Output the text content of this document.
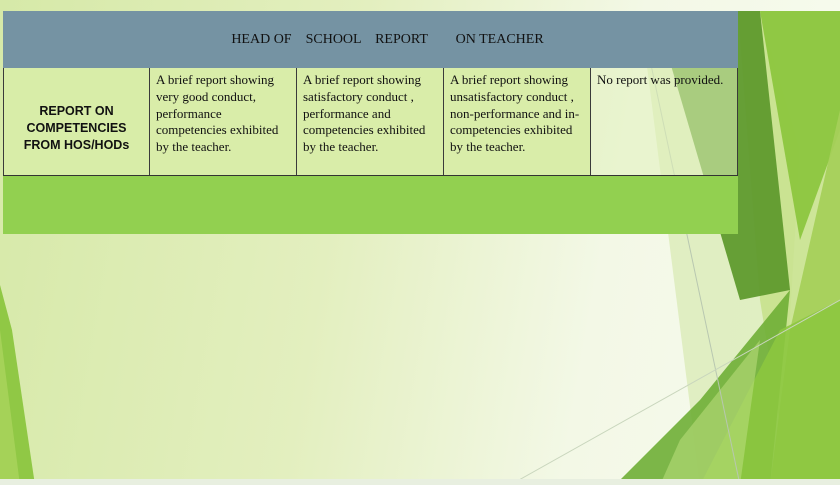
HEAD OF    SCHOOL    REPORT        ON TEACHER
REPORT ON COMPETENCIES FROM HOS/HODs
A brief report showing very good conduct, performance competencies exhibited by the teacher.
A brief report showing satisfactory conduct , performance and competencies exhibited by the teacher.
A brief report showing unsatisfactory conduct , non-performance and in-competencies exhibited by the teacher.
No report was provided.
